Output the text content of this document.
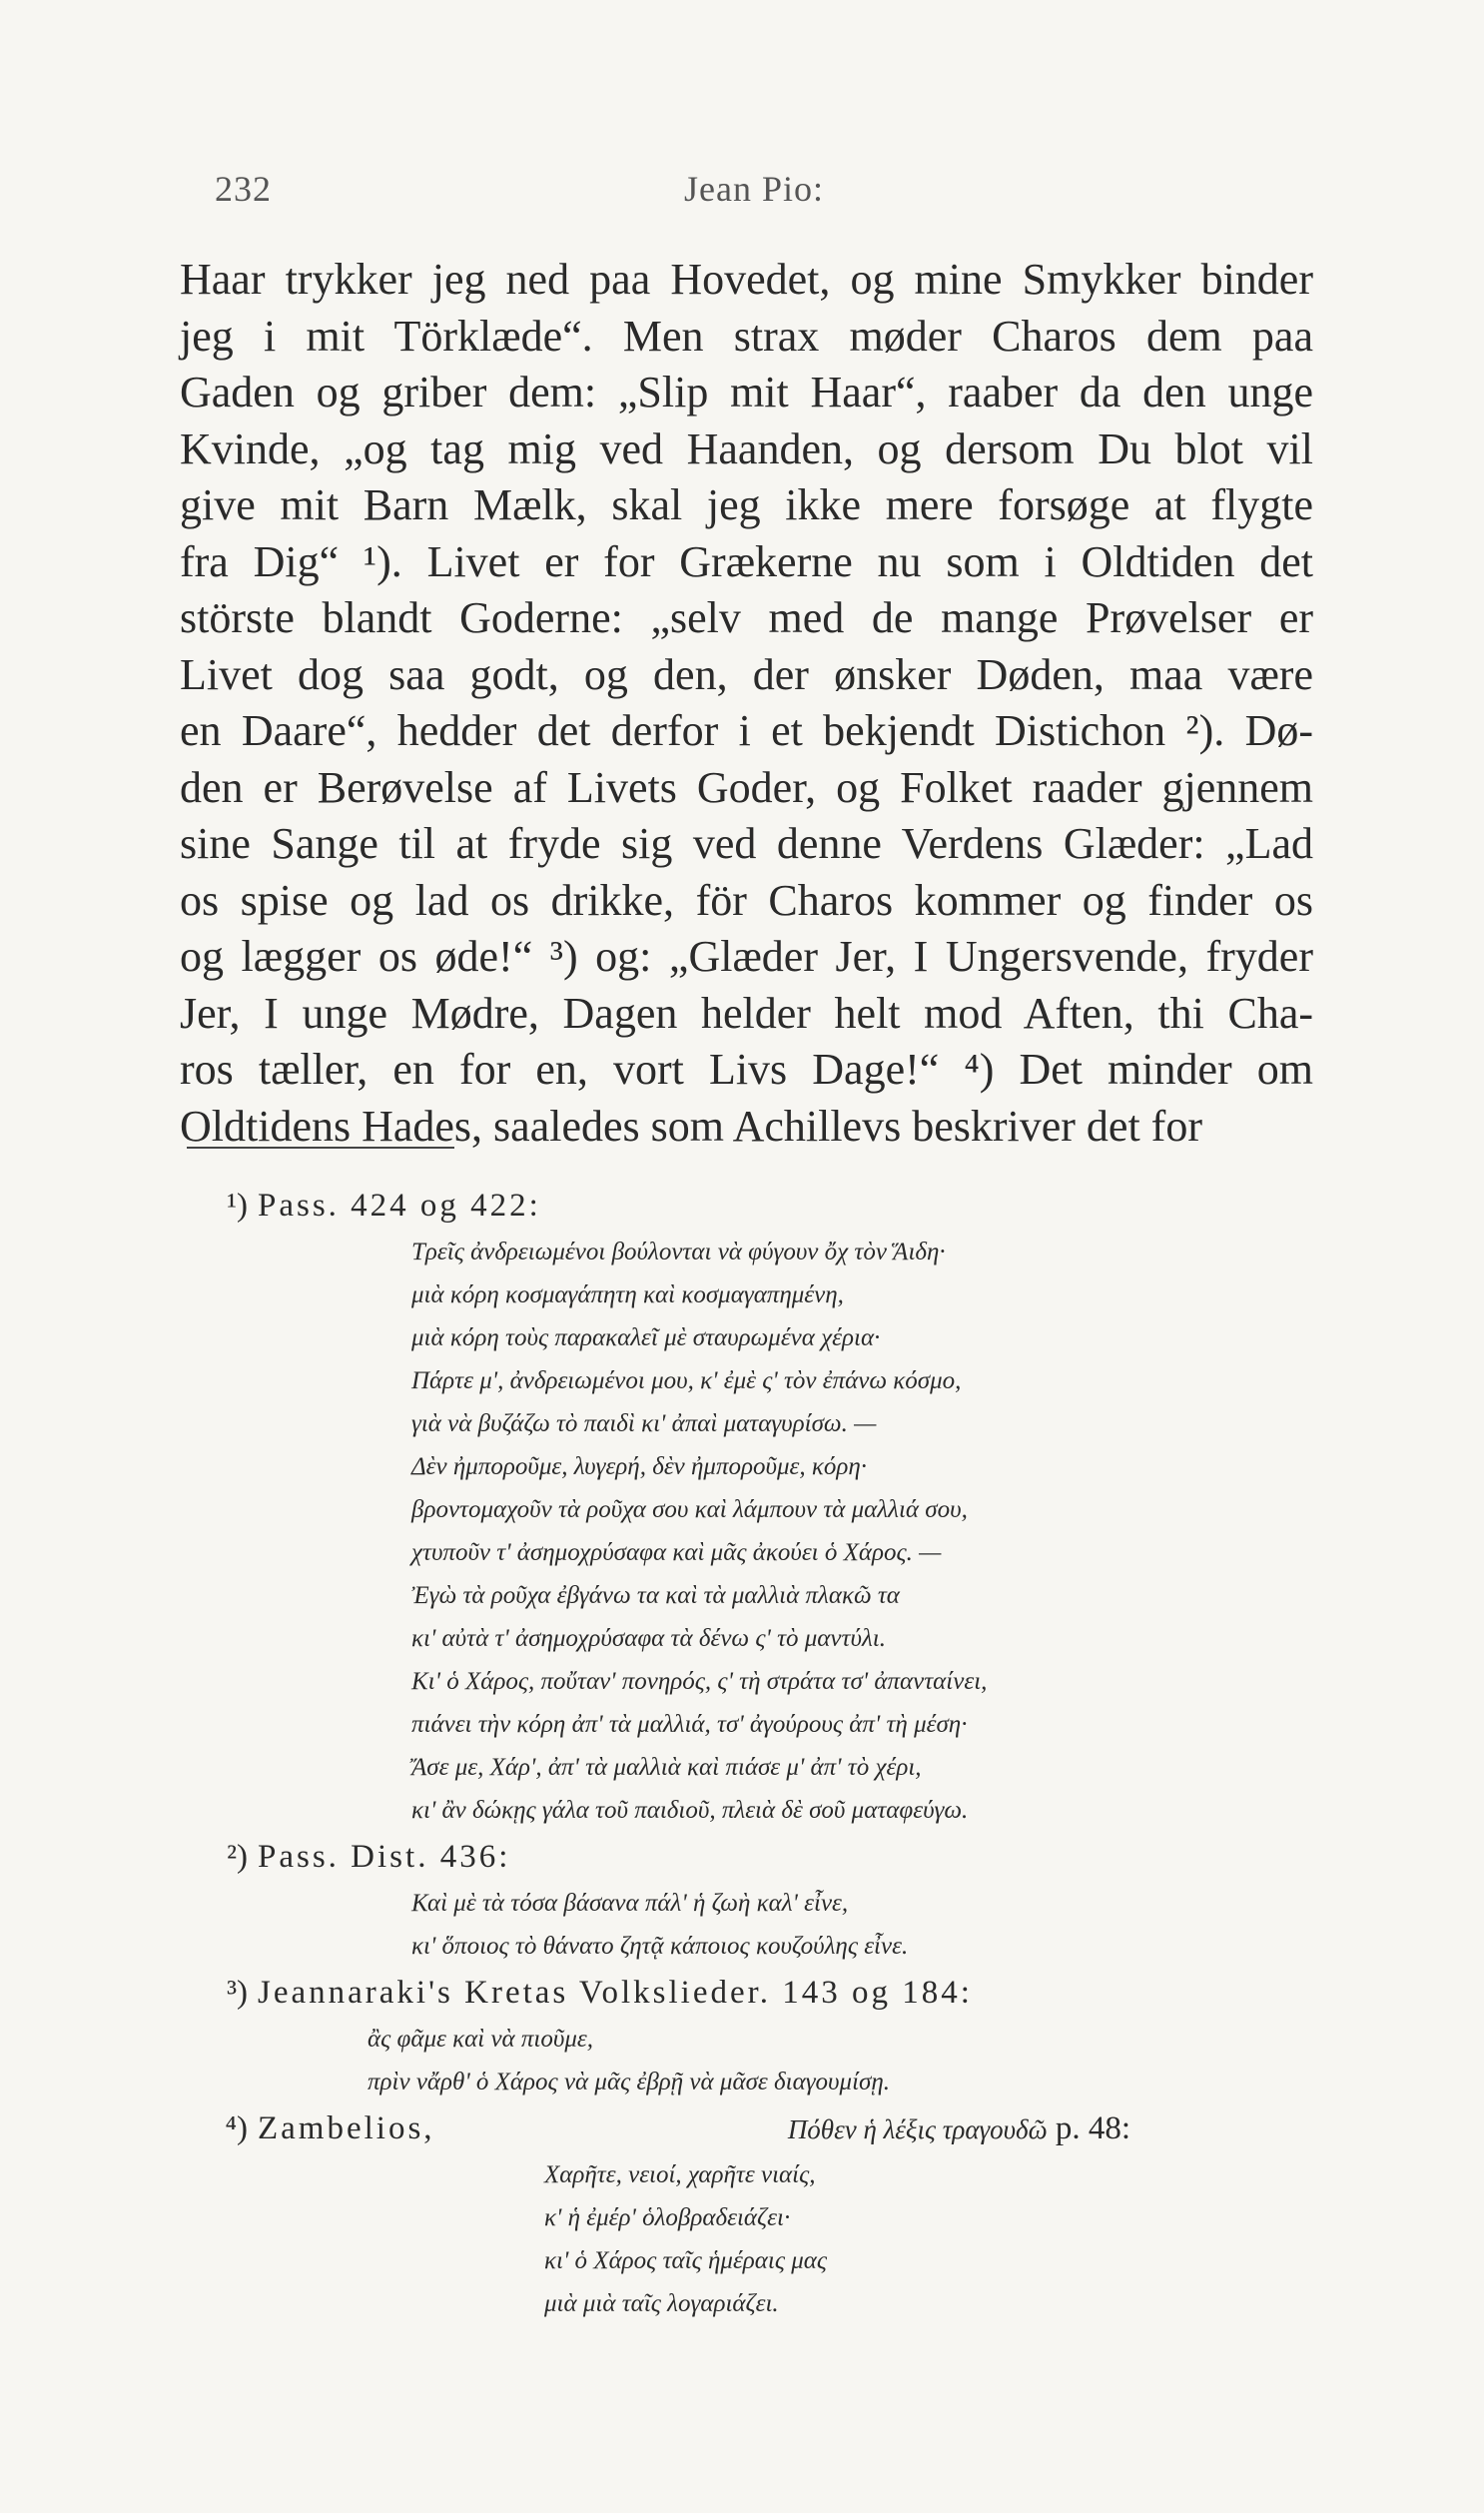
232	Jean Pio:
Haar trykker jeg ned paa Hovedet, og mine Smykker binder
jeg i mit Törklæde“. Men strax møder Charos dem paa
Gaden og griber dem: „Slip mit Haar“, raaber da den unge
Kvinde, „og tag mig ved Haanden, og dersom Du blot vil
give mit Barn Mælk, skal jeg ikke mere forsøge at flygte
fra Dig“ ¹). Livet er for Grækerne nu som i Oldtiden det
störste blandt Goderne: „selv med de mange Prøvelser er
Livet dog saa godt, og den, der ønsker Døden, maa være
en Daare“, hedder det derfor i et bekjendt Distichon ²). Dø-
den er Berøvelse af Livets Goder, og Folket raader gjennem
sine Sange til at fryde sig ved denne Verdens Glæder: „Lad
os spise og lad os drikke, för Charos kommer og finder os
og lægger os øde!“ ³) og: „Glæder Jer, I Ungersvende, fryder
Jer, I unge Mødre, Dagen helder helt mod Aften, thi Cha-
ros tæller, en for en, vort Livs Dage!“ ⁴) Det minder om
Oldtidens Hades, saaledes som Achillevs beskriver det for
¹) Pass. 424 og 422:
Τρεῖς ἀνδρειωμένοι βούλονται νὰ φύγουν ὄχ τὸν Ἅιδη·
μιὰ κόρη κοσμαγάπητη καὶ κοσμαγαπημένη,
μιὰ κόρη τοὺς παρακαλεῖ μὲ σταυρωμένα χέρια·
Πάρτε μ', ἀνδρειωμένοι μου, κ' ἐμὲ ς' τὸν ἐπάνω κόσμο,
γιὰ νὰ βυζάζω τὸ παιδὶ κι' ἀπαὶ ματαγυρίσω. —
Δὲν ἠμποροῦμε, λυγερή, δὲν ἠμποροῦμε, κόρη·
βροντομαχοῦν τὰ ροῦχα σου καὶ λάμπουν τὰ μαλλιά σου,
χτυποῦν τ' ἀσημοχρύσαφα καὶ μᾶς ἀκούει ὁ Χάρος. —
Ἐγὼ τὰ ροῦχα ἐβγάνω τα καὶ τὰ μαλλιὰ πλακῶ τα
κι' αὐτὰ τ' ἀσημοχρύσαφα τὰ δένω ς' τὸ μαντύλι.
Κι' ὁ Χάρος, ποὔταν' πονηρός, ς' τὴ στράτα τσ' ἀπανταίνει,
πιάνει τὴν κόρη ἀπ' τὰ μαλλιά, τσ' ἀγούρους ἀπ' τὴ μέση·
Ἄσε με, Χάρ', ἀπ' τὰ μαλλιὰ καὶ πιάσε μ' ἀπ' τὸ χέρι,
κι' ἂν δώκῃς γάλα τοῦ παιδιοῦ, πλειὰ δὲ σοῦ ματαφεύγω.
²) Pass. Dist. 436:
Καὶ μὲ τὰ τόσα βάσανα πάλ' ἡ ζωὴ καλ' εἶνε,
κι' ὅποιος τὸ θάνατο ζητᾷ κάποιος κουζούλης εἶνε.
³) Jeannaraki's Kretas Volkslieder. 143 og 184:
ἂς φᾶμε καὶ νὰ πιοῦμε,
πρὶν νἄρθ' ὁ Χάρος νὰ μᾶς ἐβρῇ νὰ μᾶσε διαγουμίσῃ.
⁴) Zambelios,	Πόθεν ἡ λέξις τραγουδῶ p. 48:
Χαρῆτε, νειοί, χαρῆτε νιαίς,
κ' ἡ ἐμέρ' ὁλοβραδειάζει·
κι' ὁ Χάρος ταῖς ἡμέραις μας
μιὰ μιὰ ταῖς λογαριάζει.
